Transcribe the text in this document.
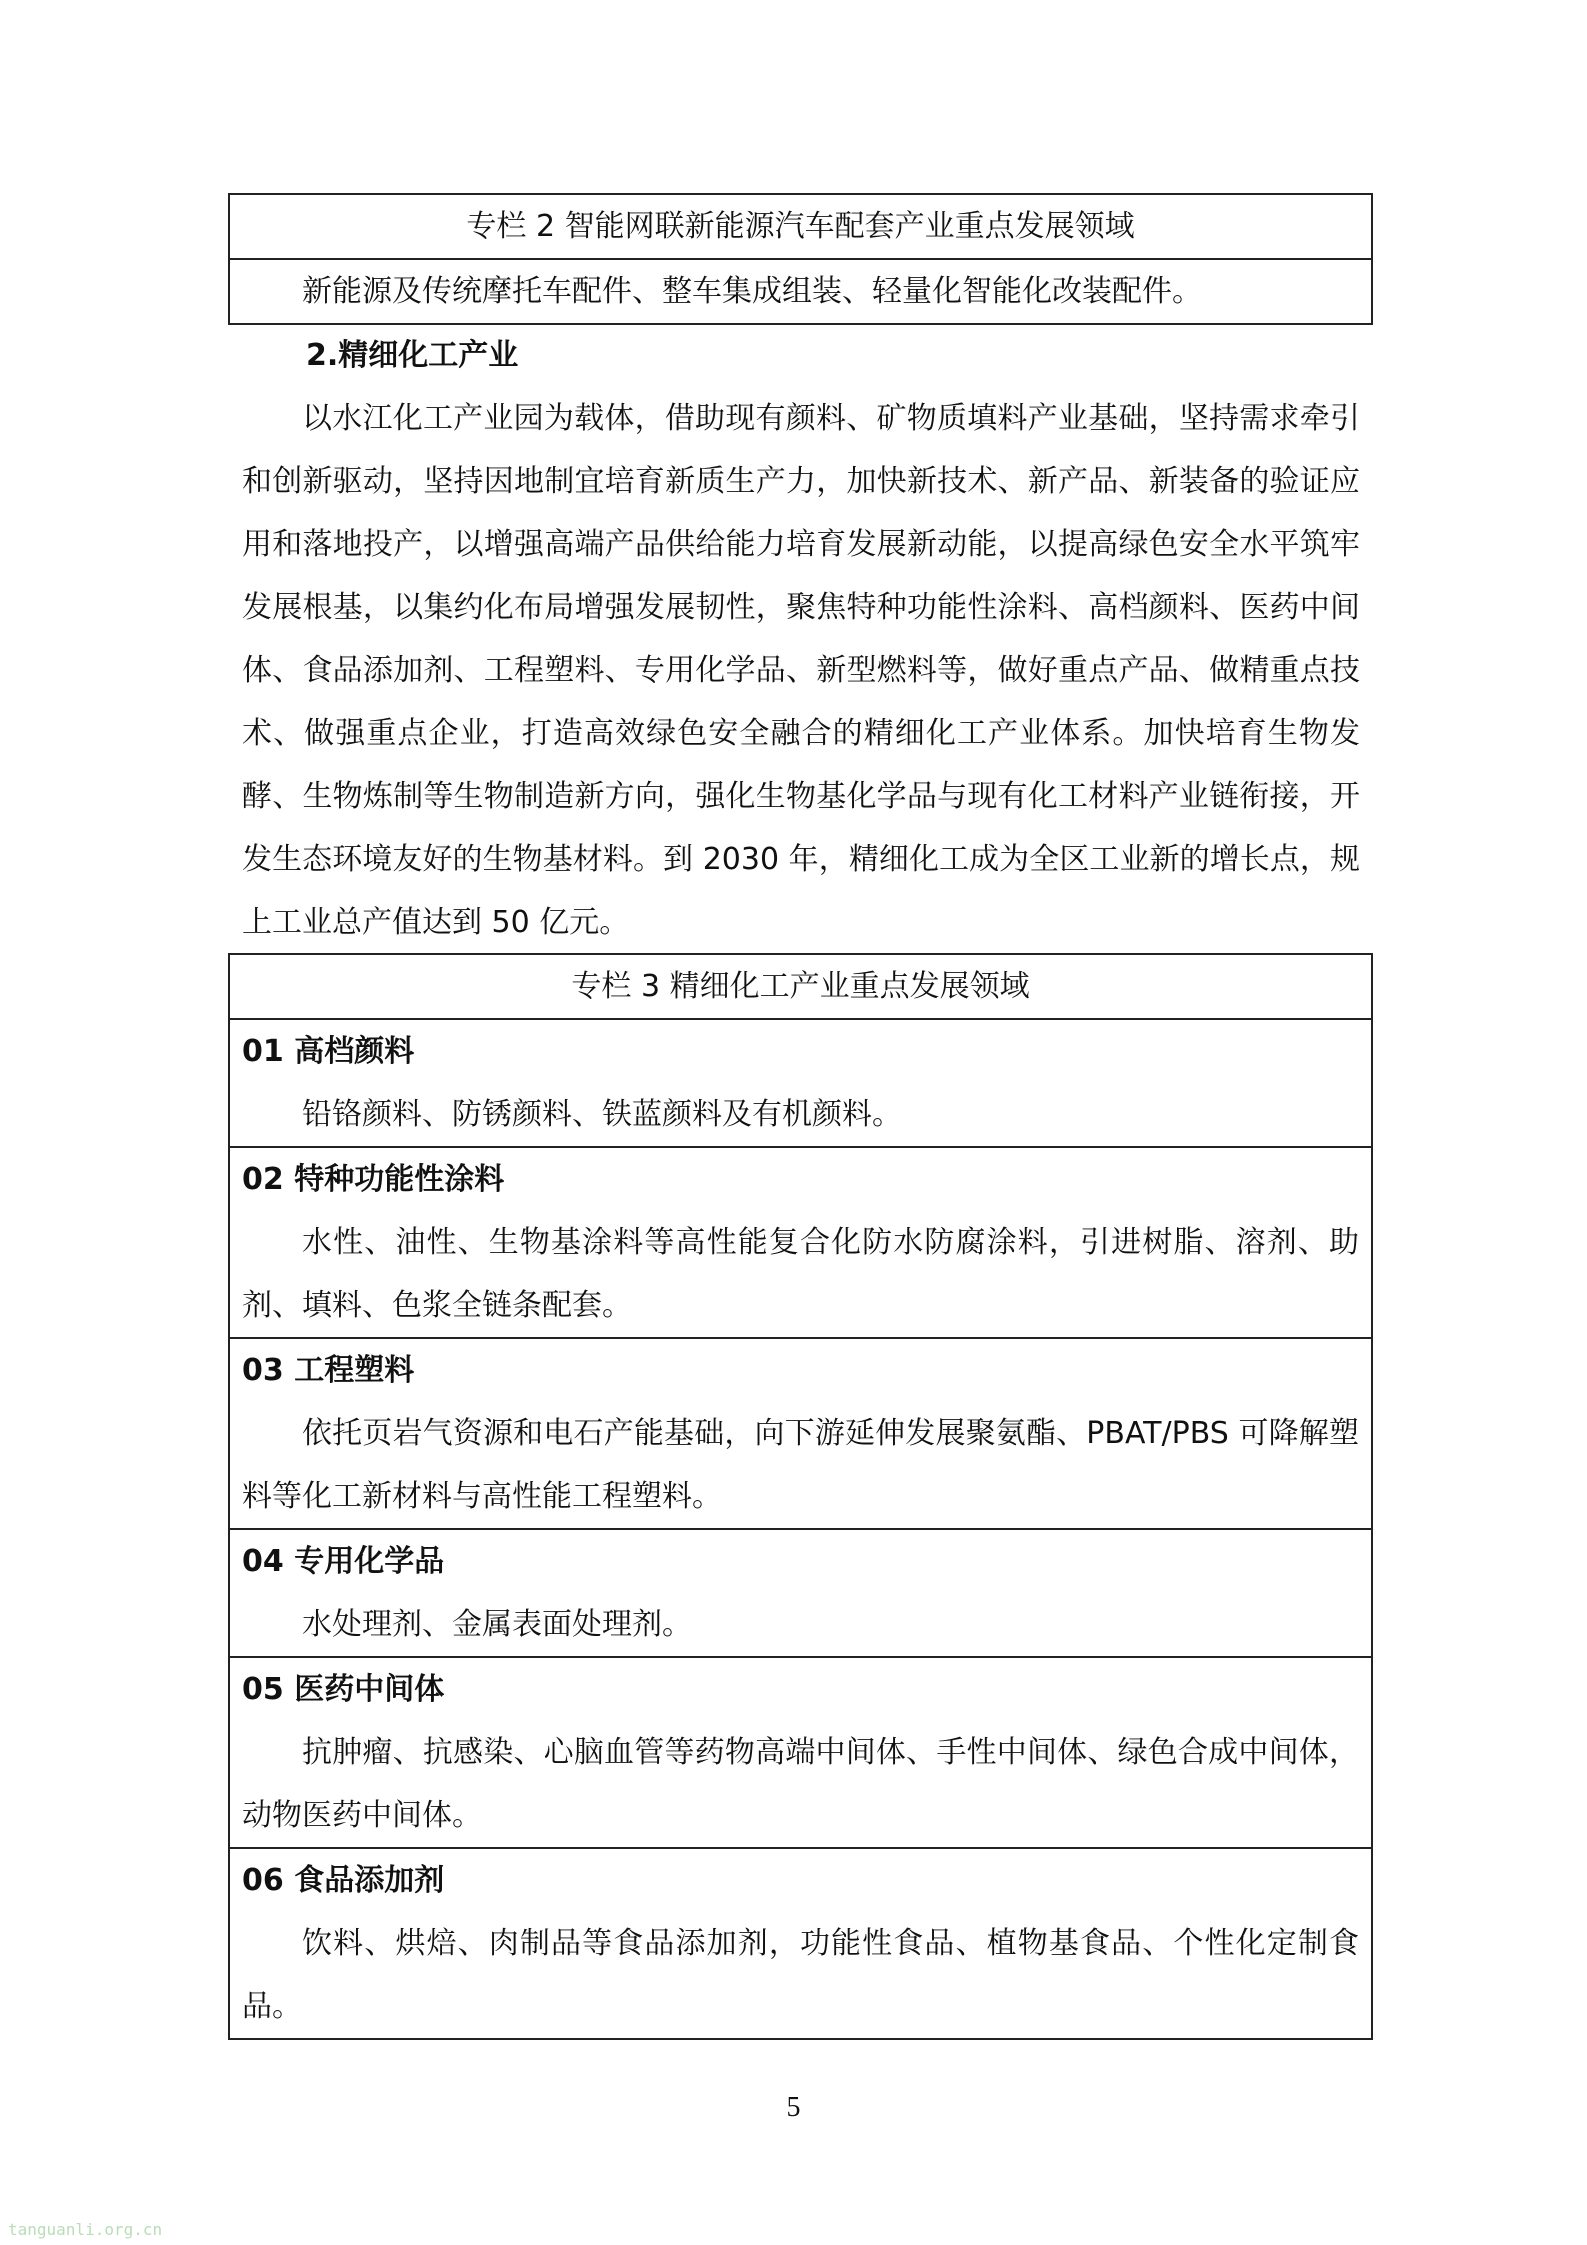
专栏 2 智能网联新能源汽车配套产业重点发展领域
新能源及传统摩托车配件、整车集成组装、轻量化智能化改装配件。
2.精细化工产业
以水江化工产业园为载体，借助现有颜料、矿物质填料产业基础，坚持需求牵引和创新驱动，坚持因地制宜培育新质生产力，加快新技术、新产品、新装备的验证应用和落地投产，以增强高端产品供给能力培育发展新动能，以提高绿色安全水平筑牢发展根基，以集约化布局增强发展韧性，聚焦特种功能性涂料、高档颜料、医药中间体、食品添加剂、工程塑料、专用化学品、新型燃料等，做好重点产品、做精重点技术、做强重点企业，打造高效绿色安全融合的精细化工产业体系。加快培育生物发酵、生物炼制等生物制造新方向，强化生物基化学品与现有化工材料产业链衔接，开发生态环境友好的生物基材料。到 2030 年，精细化工成为全区工业新的增长点，规上工业总产值达到 50 亿元。
专栏 3 精细化工产业重点发展领域
01 高档颜料
铅铬颜料、防锈颜料、铁蓝颜料及有机颜料。
02 特种功能性涂料
水性、油性、生物基涂料等高性能复合化防水防腐涂料，引进树脂、溶剂、助剂、填料、色浆全链条配套。
03 工程塑料
依托页岩气资源和电石产能基础，向下游延伸发展聚氨酯、PBAT/PBS 可降解塑料等化工新材料与高性能工程塑料。
04 专用化学品
水处理剂、金属表面处理剂。
05 医药中间体
抗肿瘤、抗感染、心脑血管等药物高端中间体、手性中间体、绿色合成中间体，动物医药中间体。
06 食品添加剂
饮料、烘焙、肉制品等食品添加剂，功能性食品、植物基食品、个性化定制食品。
5
tanguanli.org.cn
